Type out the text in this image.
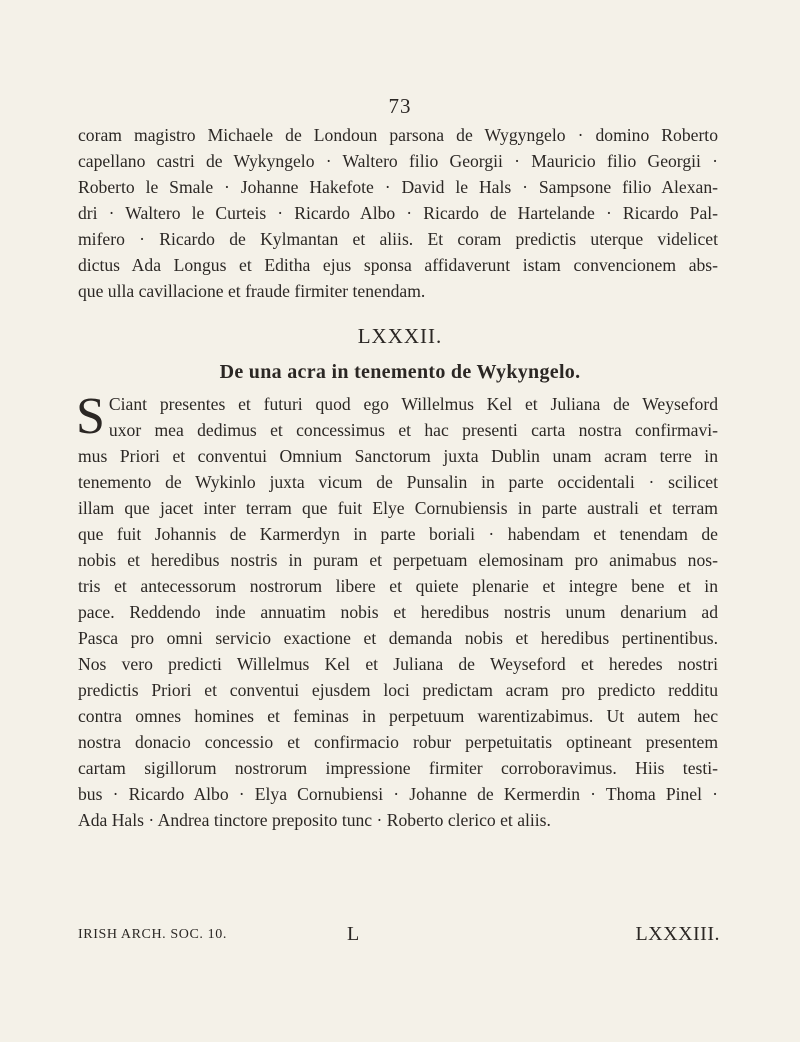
73
coram magistro Michaele de Londoun parsona de Wygyngelo · domino Roberto
capellano castri de Wykyngelo · Waltero filio Georgii · Mauricio filio Georgii ·
Roberto le Smale · Johanne Hakefote · David le Hals · Sampsone filio Alexan-
dri · Waltero le Curteis · Ricardo Albo · Ricardo de Hartelande · Ricardo Pal-
mifero · Ricardo de Kylmantan et aliis. Et coram predictis uterque videlicet
dictus Ada Longus et Editha ejus sponsa affidaverunt istam convencionem abs-
que ulla cavillacione et fraude firmiter tenendam.
LXXXII.
De una acra in tenemento de Wykyngelo.
S Ciant presentes et futuri quod ego Willelmus Kel et Juliana de Weyseford
uxor mea dedimus et concessimus et hac presenti carta nostra confirmavi-
mus Priori et conventui Omnium Sanctorum juxta Dublin unam acram terre in
tenemento de Wykinlo juxta vicum de Punsalin in parte occidentali · scilicet
illam que jacet inter terram que fuit Elye Cornubiensis in parte australi et terram
que fuit Johannis de Karmerdyn in parte boriali · habendam et tenendam de
nobis et heredibus nostris in puram et perpetuam elemosinam pro animabus nos-
tris et antecessorum nostrorum libere et quiete plenarie et integre bene et in
pace. Reddendo inde annuatim nobis et heredibus nostris unum denarium ad
Pasca pro omni servicio exactione et demanda nobis et heredibus pertinentibus.
Nos vero predicti Willelmus Kel et Juliana de Weyseford et heredes nostri
predictis Priori et conventui ejusdem loci predictam acram pro predicto redditu
contra omnes homines et feminas in perpetuum warentizabimus. Ut autem hec
nostra donacio concessio et confirmacio robur perpetuitatis optineant presentem
cartam sigillorum nostrorum impressione firmiter corroboravimus. Hiis testi-
bus · Ricardo Albo · Elya Cornubiensi · Johanne de Kermerdin · Thoma Pinel ·
Ada Hals · Andrea tinctore preposito tunc · Roberto clerico et aliis.
IRISH ARCH. SOC. 10.	L	LXXXIII.
